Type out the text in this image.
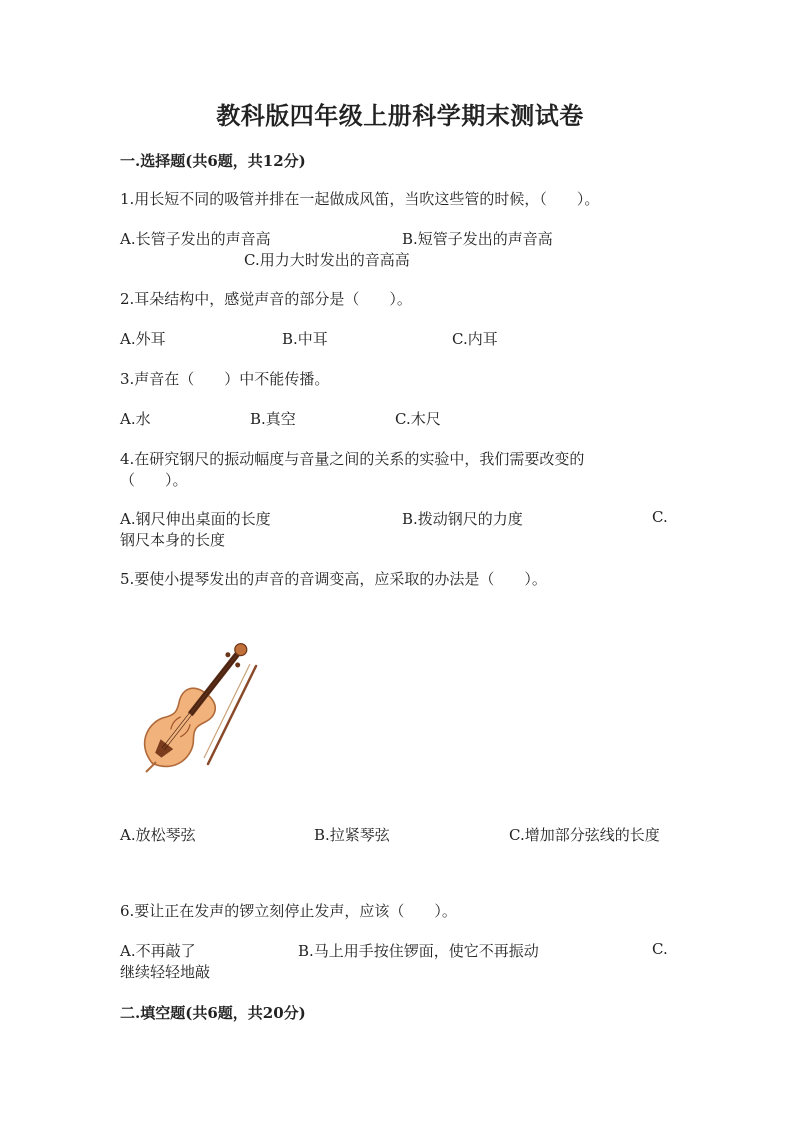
教科版四年级上册科学期末测试卷
一.选择题(共6题，共12分)
1.用长短不同的吸管并排在一起做成风笛，当吹这些管的时候，（　　）。
A.长管子发出的声音高	B.短管子发出的声音高
C.用力大时发出的音高高
2.耳朵结构中，感觉声音的部分是（　　）。
A.外耳	B.中耳	C.内耳
3.声音在（　　）中不能传播。
A.水	B.真空	C.木尺
4.在研究钢尺的振动幅度与音量之间的关系的实验中，我们需要改变的
（　　）。
A.钢尺伸出桌面的长度	B.拨动钢尺的力度	C.
钢尺本身的长度
5.要使小提琴发出的声音的音调变高，应采取的办法是（　　）。
A.放松琴弦	B.拉紧琴弦	C.增加部分弦线的长度
6.要让正在发声的锣立刻停止发声，应该（　　）。
A.不再敲了	B.马上用手按住锣面，使它不再振动	C.
继续轻轻地敲
二.填空题(共6题，共20分)
